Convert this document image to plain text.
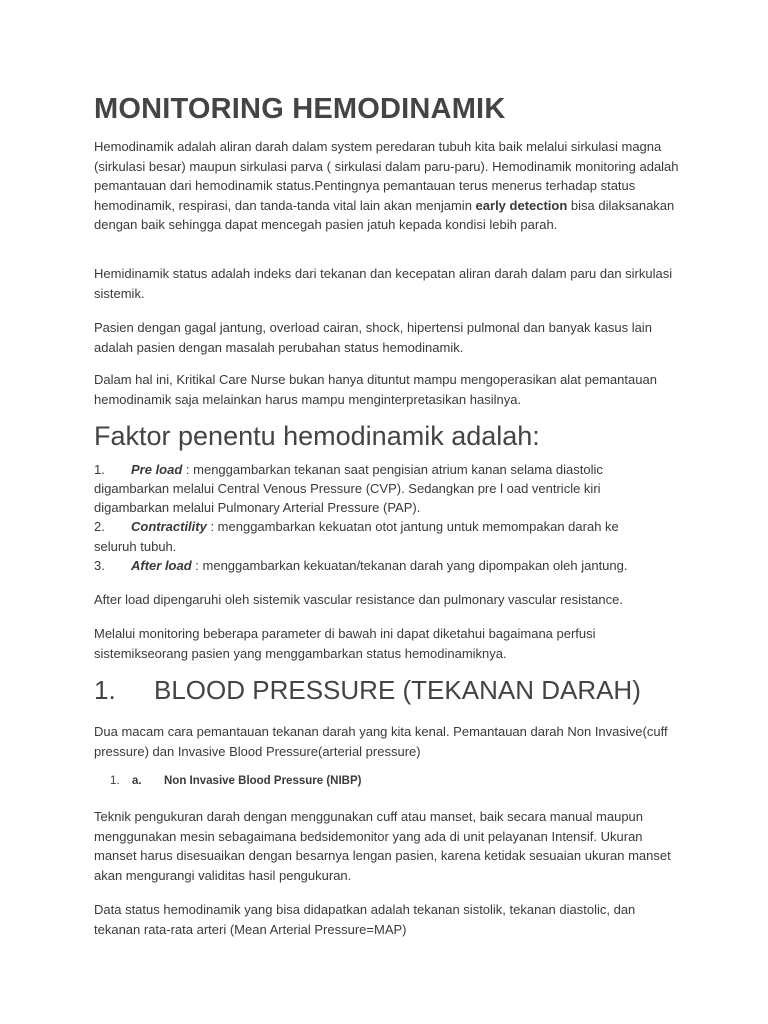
MONITORING HEMODINAMIK
Hemodinamik adalah aliran darah dalam system peredaran tubuh kita baik melalui sirkulasi magna (sirkulasi besar) maupun sirkulasi parva ( sirkulasi dalam paru-paru). Hemodinamik monitoring adalah pemantauan dari hemodinamik status.Pentingnya pemantauan terus menerus terhadap status hemodinamik, respirasi, dan tanda-tanda vital lain akan menjamin early detection bisa dilaksanakan dengan baik sehingga dapat mencegah pasien jatuh kepada kondisi lebih parah.
Hemidinamik status adalah indeks dari tekanan dan kecepatan aliran darah dalam paru dan sirkulasi sistemik.
Pasien dengan gagal jantung, overload cairan, shock, hipertensi pulmonal dan banyak kasus lain adalah pasien dengan masalah perubahan status hemodinamik.
Dalam hal ini, Kritikal Care Nurse bukan hanya dituntut mampu mengoperasikan alat pemantauan hemodinamik saja melainkan harus mampu menginterpretasikan hasilnya.
Faktor penentu hemodinamik adalah:
1. Pre load : menggambarkan tekanan saat pengisian atrium kanan selama diastolic
digambarkan melalui Central Venous Pressure (CVP). Sedangkan pre l oad ventricle kiri
digambarkan melalui Pulmonary Arterial Pressure (PAP).
2. Contractility : menggambarkan kekuatan otot jantung untuk memompakan darah ke
seluruh tubuh.
3. After load : menggambarkan kekuatan/tekanan darah yang dipompakan oleh jantung.
After load dipengaruhi oleh sistemik vascular resistance dan pulmonary vascular resistance.
Melalui monitoring beberapa parameter di bawah ini dapat diketahui bagaimana perfusi sistemikseorang pasien yang menggambarkan status hemodinamiknya.
1. BLOOD PRESSURE (TEKANAN DARAH)
Dua macam cara pemantauan tekanan darah yang kita kenal. Pemantauan darah Non Invasive(cuff pressure) dan Invasive Blood Pressure(arterial pressure)
1. a. Non Invasive Blood Pressure (NIBP)
Teknik pengukuran darah dengan menggunakan cuff atau manset, baik secara manual maupun menggunakan mesin sebagaimana bedsidemonitor yang ada di unit pelayanan Intensif. Ukuran manset harus disesuaikan dengan besarnya lengan pasien, karena ketidak sesuaian ukuran manset akan mengurangi validitas hasil pengukuran.
Data status hemodinamik yang bisa didapatkan adalah tekanan sistolik, tekanan diastolic, dan tekanan rata-rata arteri (Mean Arterial Pressure=MAP)
